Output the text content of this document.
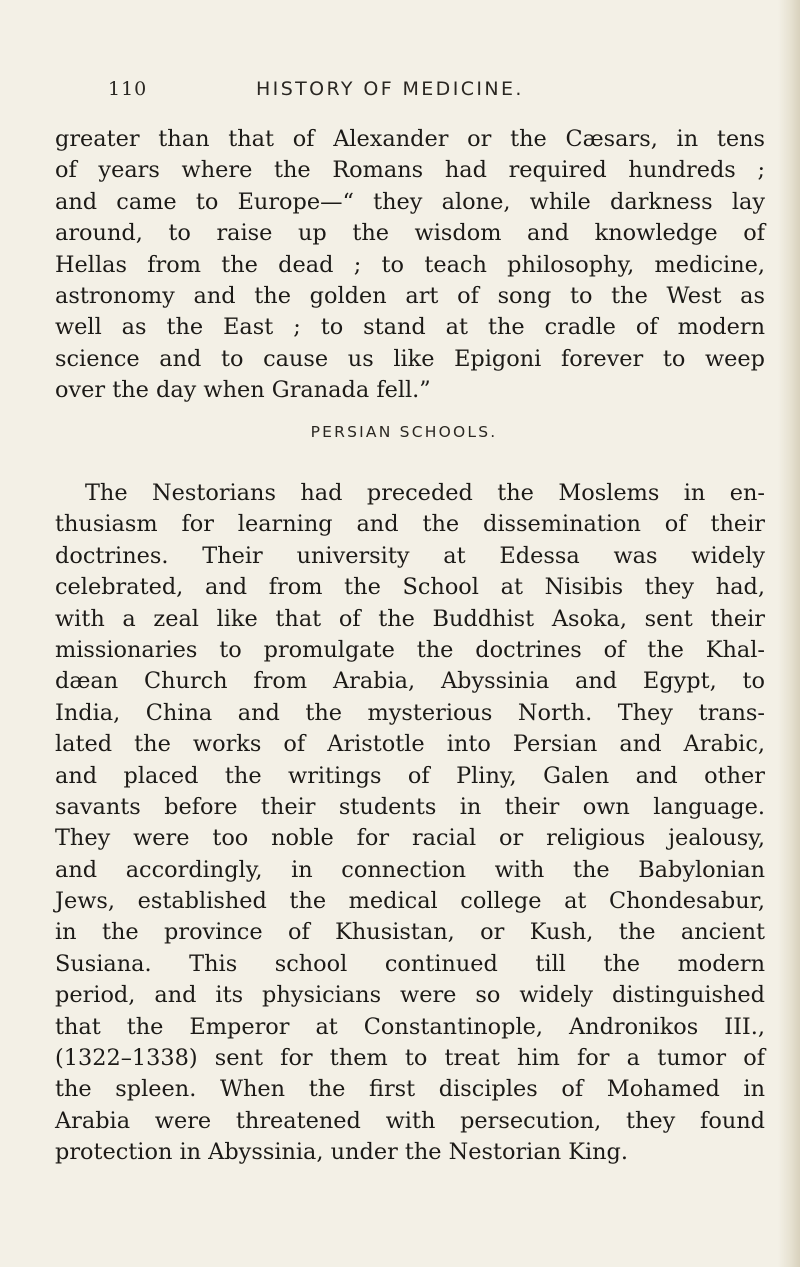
110	HISTORY OF MEDICINE.
greater than that of Alexander or the Cæsars, in tens
of years where the Romans had required hundreds ;
and came to Europe—“ they alone, while darkness lay
around, to raise up the wisdom and knowledge of
Hellas from the dead ; to teach philosophy, medicine,
astronomy and the golden art of song to the West as
well as the East ; to stand at the cradle of modern
science and to cause us like Epigoni forever to weep
over the day when Granada fell.”
PERSIAN SCHOOLS.
The Nestorians had preceded the Moslems in en-
thusiasm for learning and the dissemination of their
doctrines. Their university at Edessa was widely
celebrated, and from the School at Nisibis they had,
with a zeal like that of the Buddhist Asoka, sent their
missionaries to promulgate the doctrines of the Khal-
dæan Church from Arabia, Abyssinia and Egypt, to
India, China and the mysterious North. They trans-
lated the works of Aristotle into Persian and Arabic,
and placed the writings of Pliny, Galen and other
savants before their students in their own language.
They were too noble for racial or religious jealousy,
and accordingly, in connection with the Babylonian
Jews, established the medical college at Chondesabur,
in the province of Khusistan, or Kush, the ancient
Susiana. This school continued till the modern
period, and its physicians were so widely distinguished
that the Emperor at Constantinople, Andronikos III.,
(1322–1338) sent for them to treat him for a tumor of
the spleen. When the first disciples of Mohamed in
Arabia were threatened with persecution, they found
protection in Abyssinia, under the Nestorian King.
